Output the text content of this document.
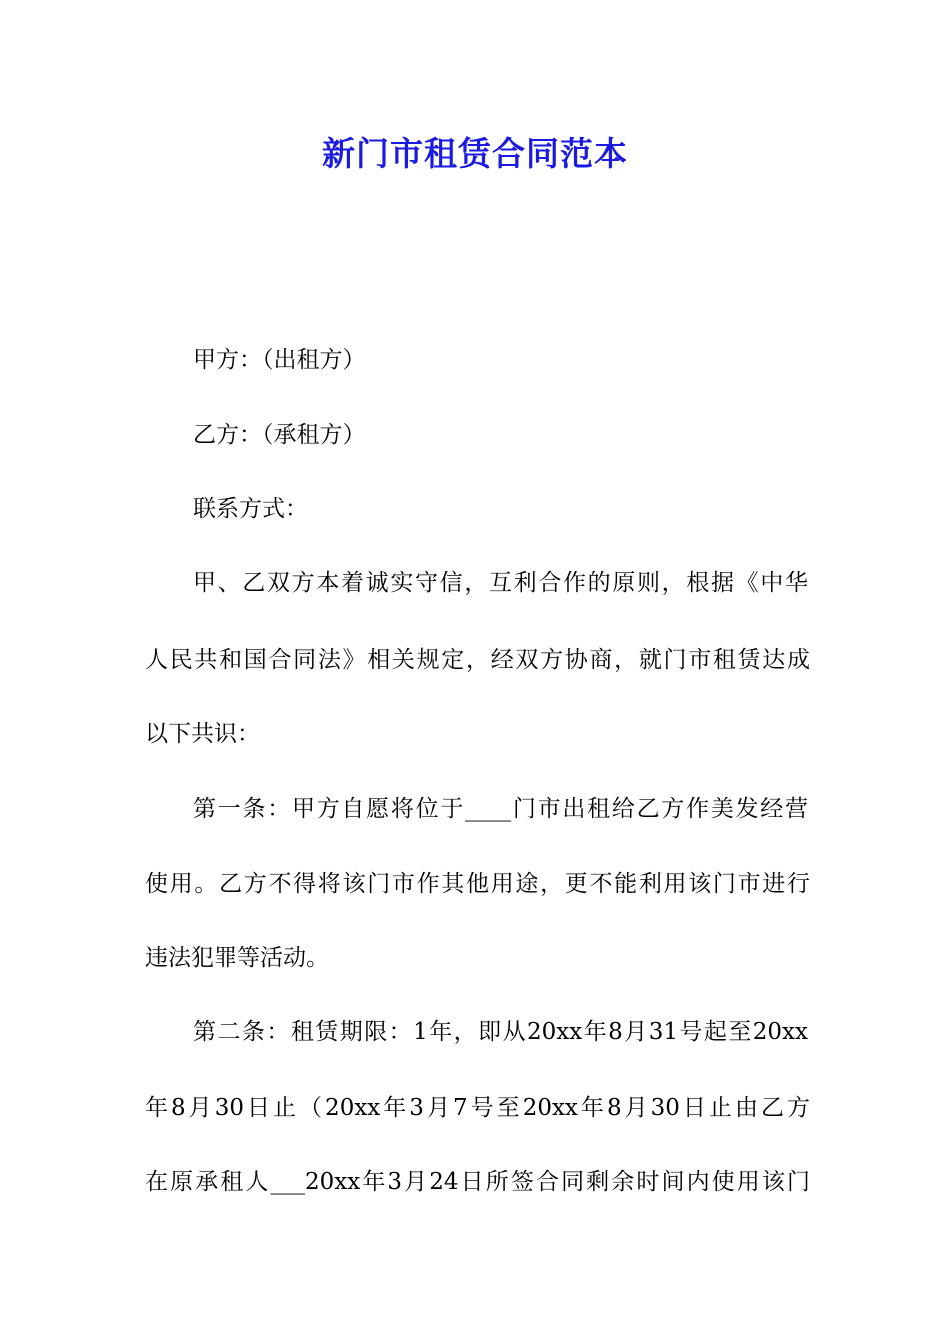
新门市租赁合同范本

甲方：（出租方）

乙方：（承租方）

联系方式：

甲、乙双方本着诚实守信，互利合作的原则，根据《中华

人民共和国合同法》相关规定，经双方协商，就门市租赁达成

以下共识：

第一条：甲方自愿将位于____门市出租给乙方作美发经营

使用。乙方不得将该门市作其他用途，更不能利用该门市进行

违法犯罪等活动。

第二条：租赁期限：1年，即从20xx年8月31号起至20xx

年8月30日止（20xx年3月7号至20xx年8月30日止由乙方

在原承租人___20xx年3月24日所签合同剩余时间内使用该门
